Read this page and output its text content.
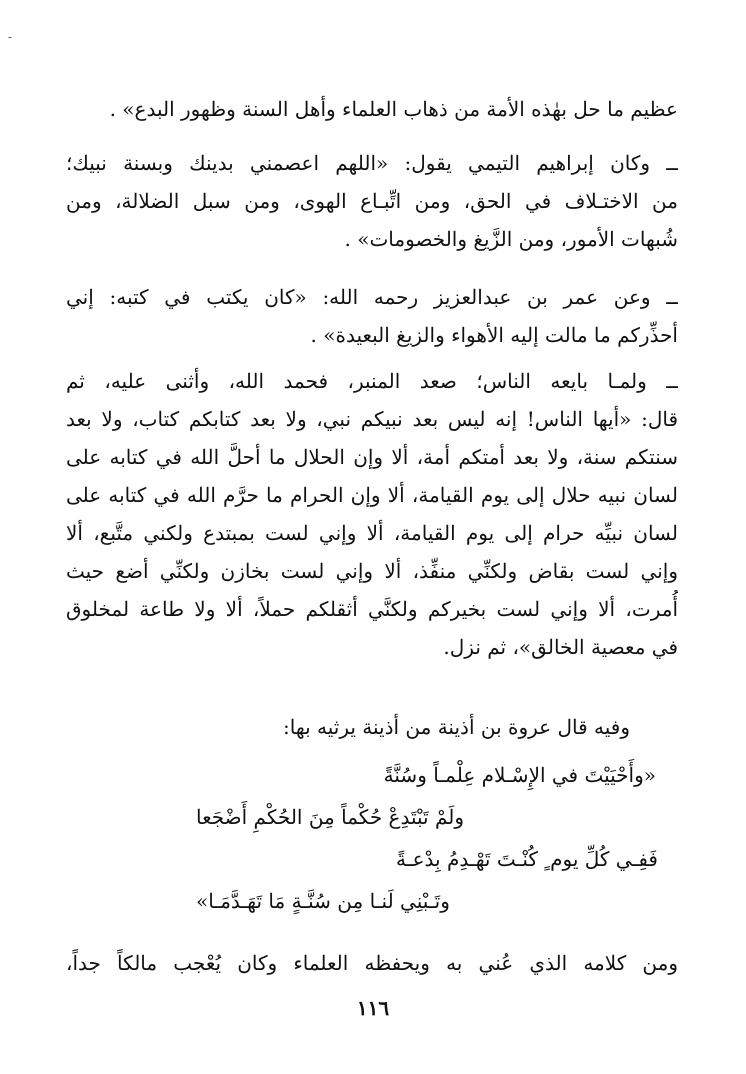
‑
عظيم ما حل بهٰذه الأمة من ذهاب العلماء وأهل السنة وظهور البدع» .
ــ وكان إبراهيم التيمي يقول: «اللهم اعصمني بدينك وبسنة نبيك؛
من الاختـلاف في الحق، ومن اتِّبـاع الهوى، ومن سبل الضلالة، ومن
شُبهات الأمور، ومن الزَّيغ والخصومات» .
ــ وعن عمر بن عبدالعزيز رحمه الله: «كان يكتب في كتبه: إني
أحذِّركم ما مالت إليه الأهواء والزيغ البعيدة» .
ــ ولمـا بايعه الناس؛ صعد المنبر، فحمد الله، وأثنى عليه، ثم
قال: «أيها الناس! إنه ليس بعد نبيكم نبي، ولا بعد كتابكم كتاب، ولا بعد
سنتكم سنة، ولا بعد أمتكم أمة، ألا وإن الحلال ما أحلَّ الله في كتابه على
لسان نبيه حلال إلى يوم القيامة، ألا وإن الحرام ما حرَّم الله في كتابه على
لسان نبيِّه حرام إلى يوم القيامة، ألا وإني لست بمبتدع ولكني متَّبع، ألا
وإني لست بقاض ولكنِّي منفِّذ، ألا وإني لست بخازن ولكنِّي أضع حيث
أُمرت، ألا وإني لست بخيركم ولكنَّي أثقلكم حملاً، ألا ولا طاعة لمخلوق
في معصية الخالق»، ثم نزل.
وفيه قال عروة بن أذينة من أذينة يرثيه بها:
«وأَحْيَيْتَ في الإِسْـلام عِلْمـاً وسُنَّةً
ولَمْ تَبْتَدِعْ حُكْماً مِنَ الحُكْمِ أَضْجَعا
فَفِـي كُلِّ يوم ٍ كُنْـتَ تَهْـدِمُ بِدْعـةً
وتَـبْنِي لَنـا مِن سُنَّـةٍ مَا تَهَـدَّمَـا»
ومن كلامه الذي عُني به ويحفظه العلماء وكان يُعْجب مالكاً جداً،
١١٦
